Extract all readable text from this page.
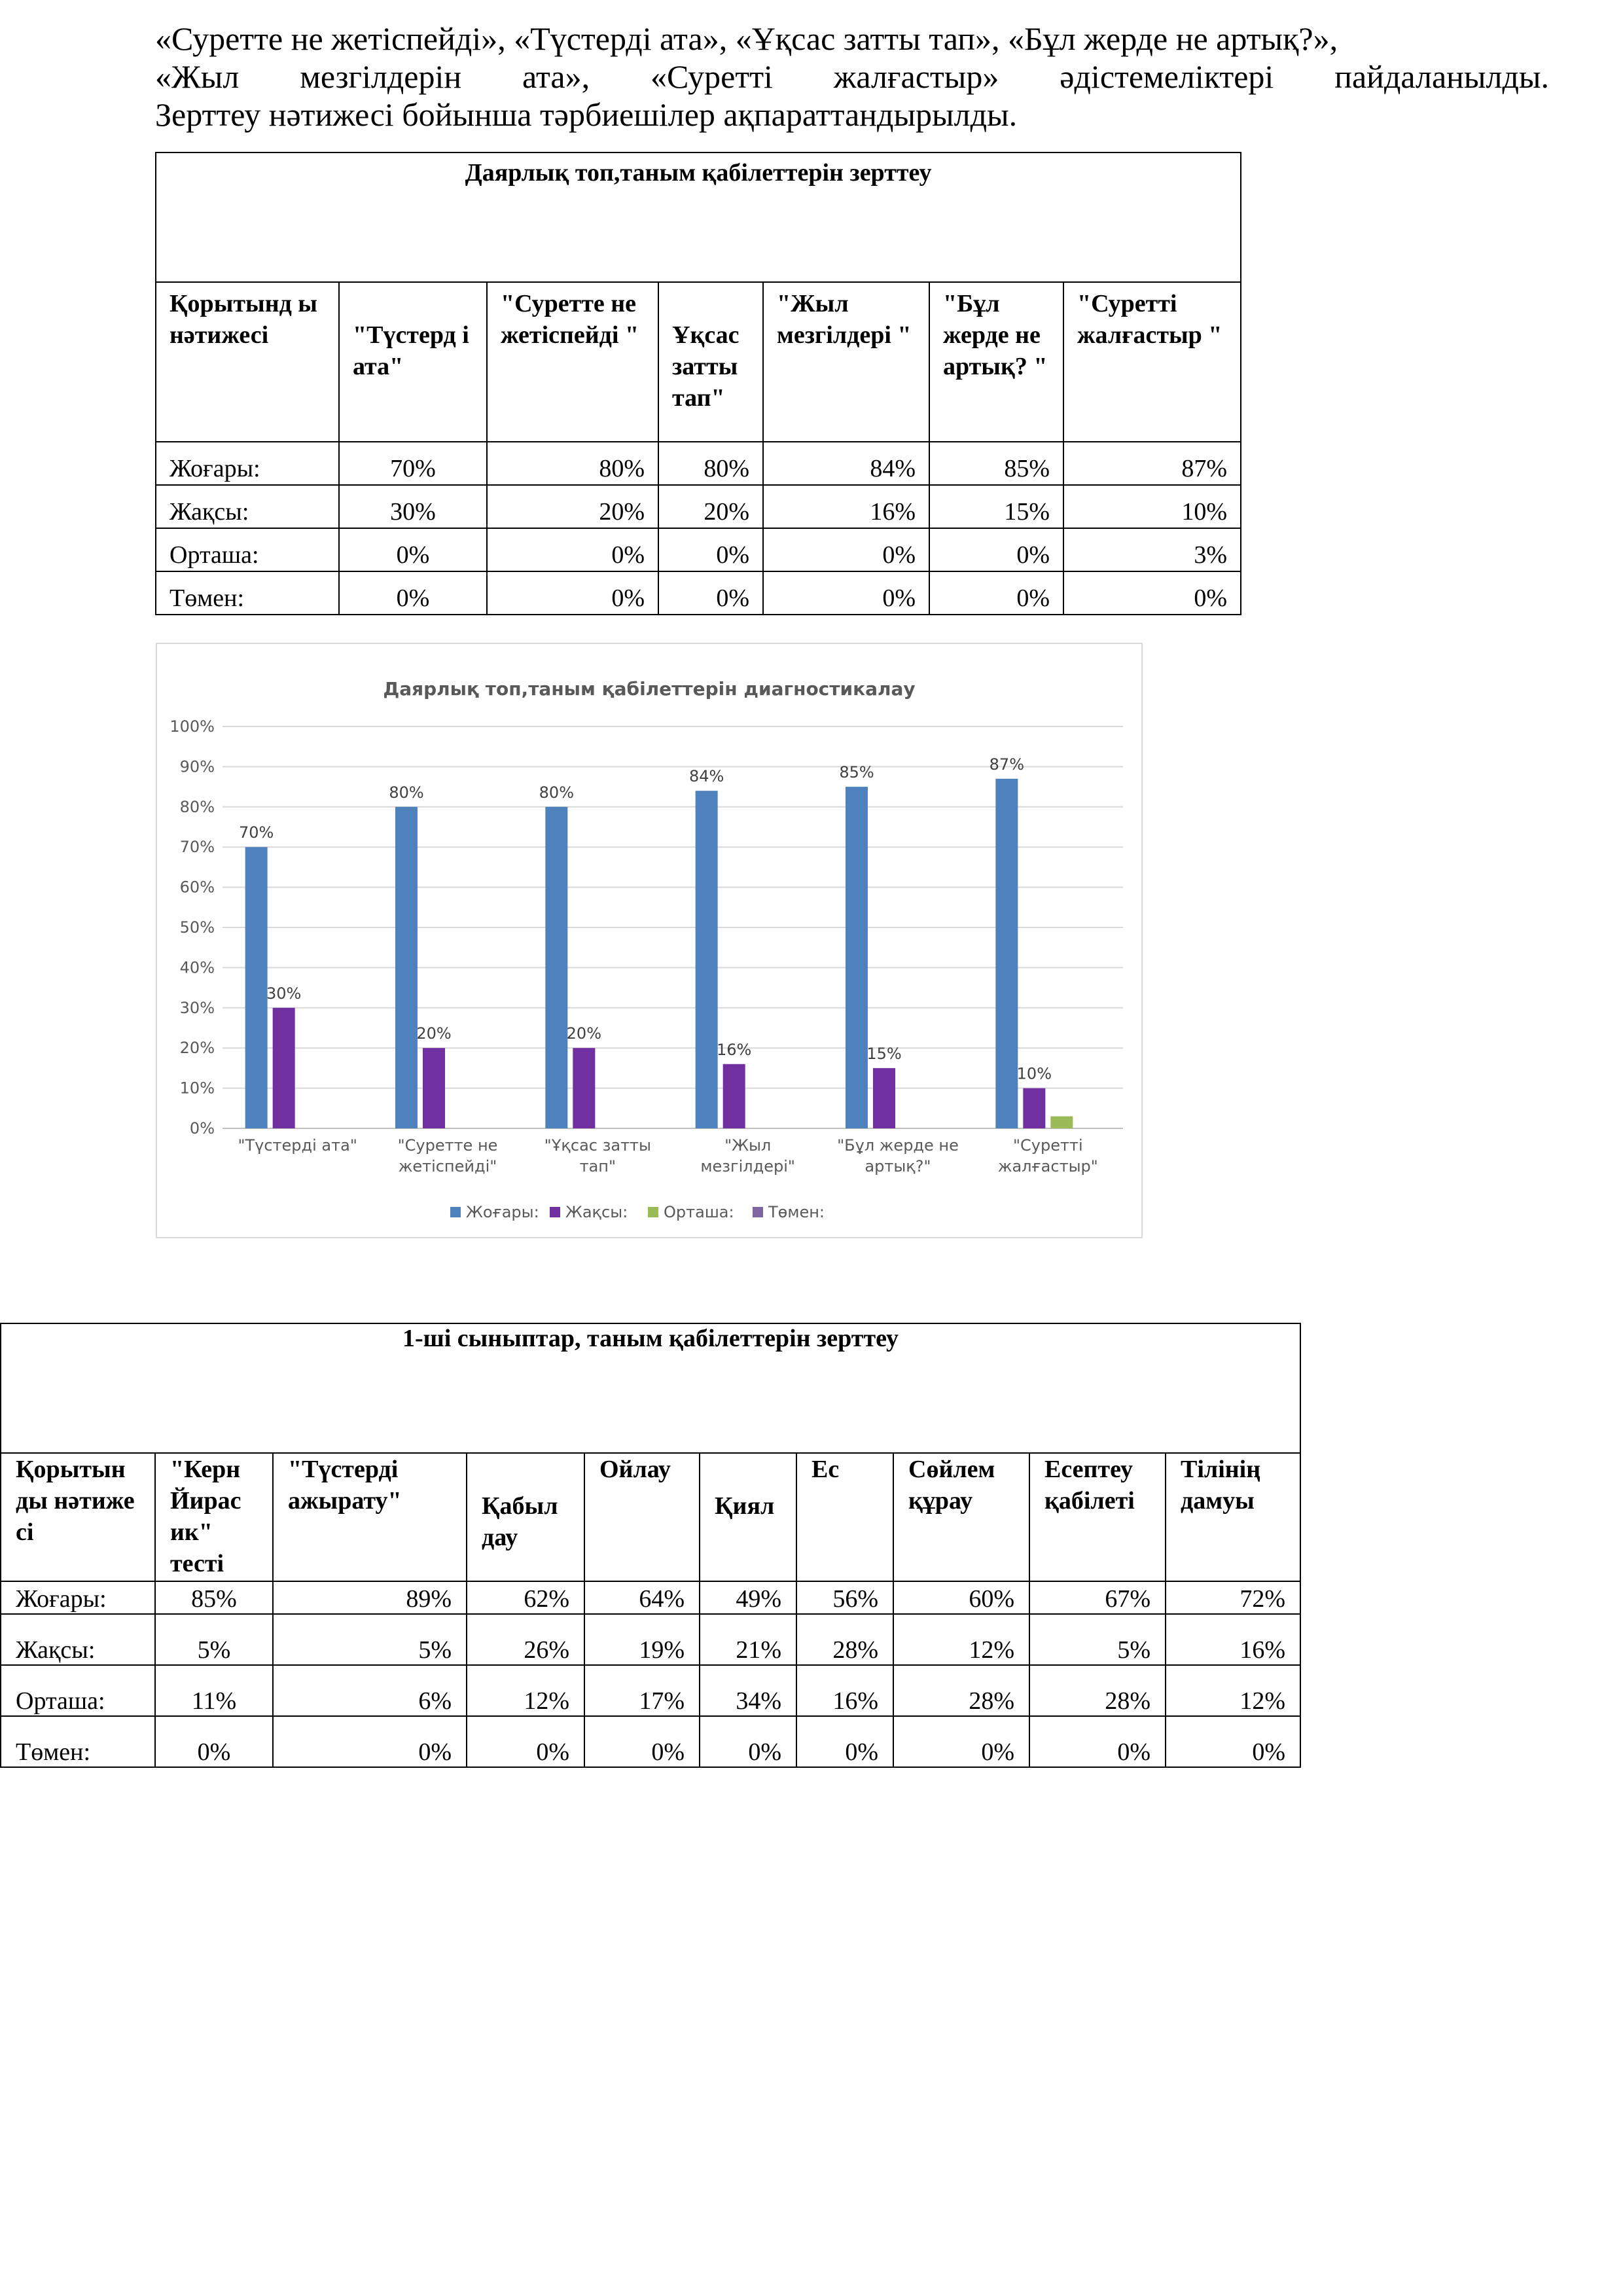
«Суретте не жетіспейді», «Түстерді ата», «Ұқсас затты тап», «Бұл жерде не артық?»,

«Жыл мезгілдерін ата», «Суретті жалғастыр» әдістемеліктері пайдаланылды.

Зерттеу нәтижесі бойынша тәрбиешілер ақпараттандырылды.

Даярлық топ,таным қабілеттерін зерттеу						
Қорытынд ы нәтижесі	"Түстерд і ата"	"Суретте не жетіспейді "	Ұқсас затты тап"	"Жыл мезгілдері "	"Бұл жерде не артық? "	"Суретті жалғастыр "
Жоғары:	70%	80%	80%	84%	85%	87%
Жақсы:	30%	20%	20%	16%	15%	10%
Орташа:	0%	0%	0%	0%	0%	3%
Төмен:	0%	0%	0%	0%	0%	0%
Даярлық топ,таным қабілеттерін диагностикалау
0%
10%
20%
30%
40%
50%
60%
70%
80%
90%
100%
70%
80%	80%
84%	85%	87%
30%
20%	20%
16%	15%
10%
"Түстерді ата"	"Суретте не
жетіспейді"
"Ұқсас затты
тап"
"Жыл
мезгілдері"
"Бұл жерде не
артық?"
"Суретті
жалғастыр"
Жоғары: Жақсы: Орташа: Төмен:
1-ші сыныптар, таным қабілеттерін зерттеу									
Қорытын ды нәтиже сі	"Керн Йирас ик" тесті	"Түстерді ажырату"	Қабыл дау	Ойлау	Қиял	Ес	Сөйлем құрау	Есептеу қабілеті	Тілінің дамуы
Жоғары:	85%	89%	62%	64%	49%	56%	60%	67%	72%
Жақсы:	5%	5%	26%	19%	21%	28%	12%	5%	16%
Орташа:	11%	6%	12%	17%	34%	16%	28%	28%	12%
Төмен:	0%	0%	0%	0%	0%	0%	0%	0%	0%
